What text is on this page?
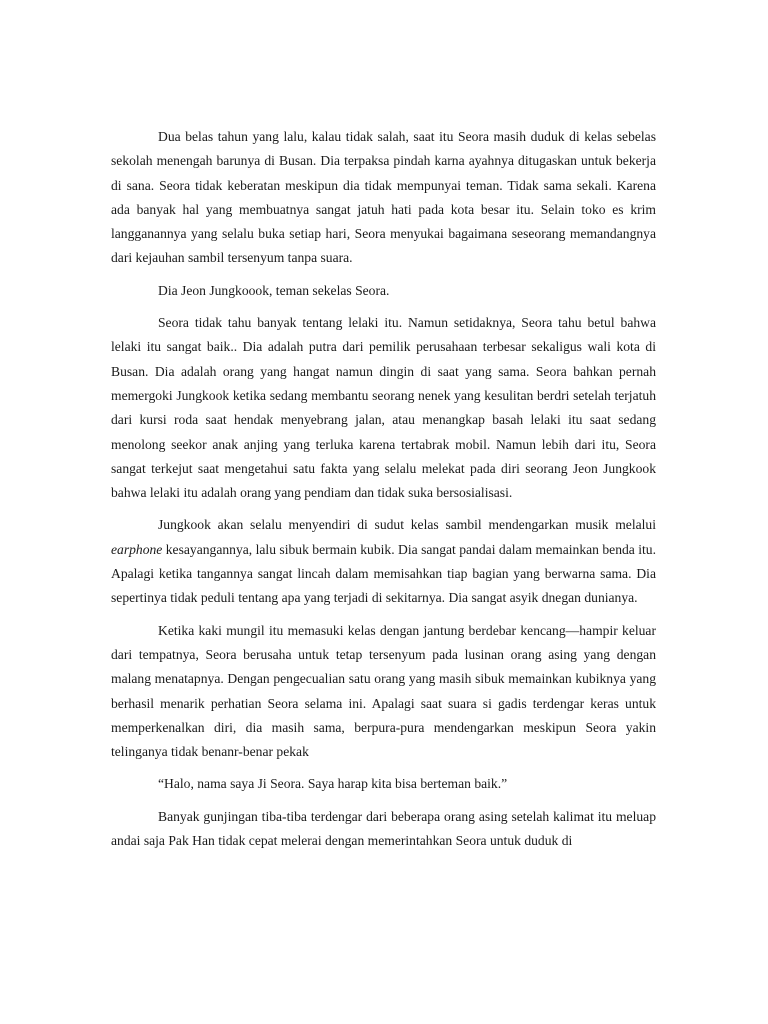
Dua belas tahun yang lalu, kalau tidak salah, saat itu Seora masih duduk di kelas sebelas sekolah menengah barunya di Busan. Dia terpaksa pindah karna ayahnya ditugaskan untuk bekerja di sana. Seora tidak keberatan meskipun dia tidak mempunyai teman. Tidak sama sekali. Karena ada banyak hal yang membuatnya sangat jatuh hati pada kota besar itu. Selain toko es krim langganannya yang selalu buka setiap hari, Seora menyukai bagaimana seseorang memandangnya dari kejauhan sambil tersenyum tanpa suara.

Dia Jeon Jungkoook, teman sekelas Seora.

Seora tidak tahu banyak tentang lelaki itu. Namun setidaknya, Seora tahu betul bahwa lelaki itu sangat baik.. Dia adalah putra dari pemilik perusahaan terbesar sekaligus wali kota di Busan. Dia adalah orang yang hangat namun dingin di saat yang sama. Seora bahkan pernah memergoki Jungkook ketika sedang membantu seorang nenek yang kesulitan berdri setelah terjatuh dari kursi roda saat hendak menyebrang jalan, atau menangkap basah lelaki itu saat sedang menolong seekor anak anjing yang terluka karena tertabrak mobil. Namun lebih dari itu, Seora sangat terkejut saat mengetahui satu fakta yang selalu melekat pada diri seorang Jeon Jungkook bahwa lelaki itu adalah orang yang pendiam dan tidak suka bersosialisasi.

Jungkook akan selalu menyendiri di sudut kelas sambil mendengarkan musik melalui earphone kesayangannya, lalu sibuk bermain kubik. Dia sangat pandai dalam memainkan benda itu. Apalagi ketika tangannya sangat lincah dalam memisahkan tiap bagian yang berwarna sama. Dia sepertinya tidak peduli tentang apa yang terjadi di sekitarnya. Dia sangat asyik dnegan dunianya.

Ketika kaki mungil itu memasuki kelas dengan jantung berdebar kencang—hampir keluar dari tempatnya, Seora berusaha untuk tetap tersenyum pada lusinan orang asing yang dengan malang menatapnya. Dengan pengecualian satu orang yang masih sibuk memainkan kubiknya yang berhasil menarik perhatian Seora selama ini. Apalagi saat suara si gadis terdengar keras untuk memperkenalkan diri, dia masih sama, berpura-pura mendengarkan meskipun Seora yakin telinganya tidak benanr-benar pekak

“Halo, nama saya Ji Seora. Saya harap kita bisa berteman baik.”

Banyak gunjingan tiba-tiba terdengar dari beberapa orang asing setelah kalimat itu meluap andai saja Pak Han tidak cepat melerai dengan memerintahkan Seora untuk duduk di
